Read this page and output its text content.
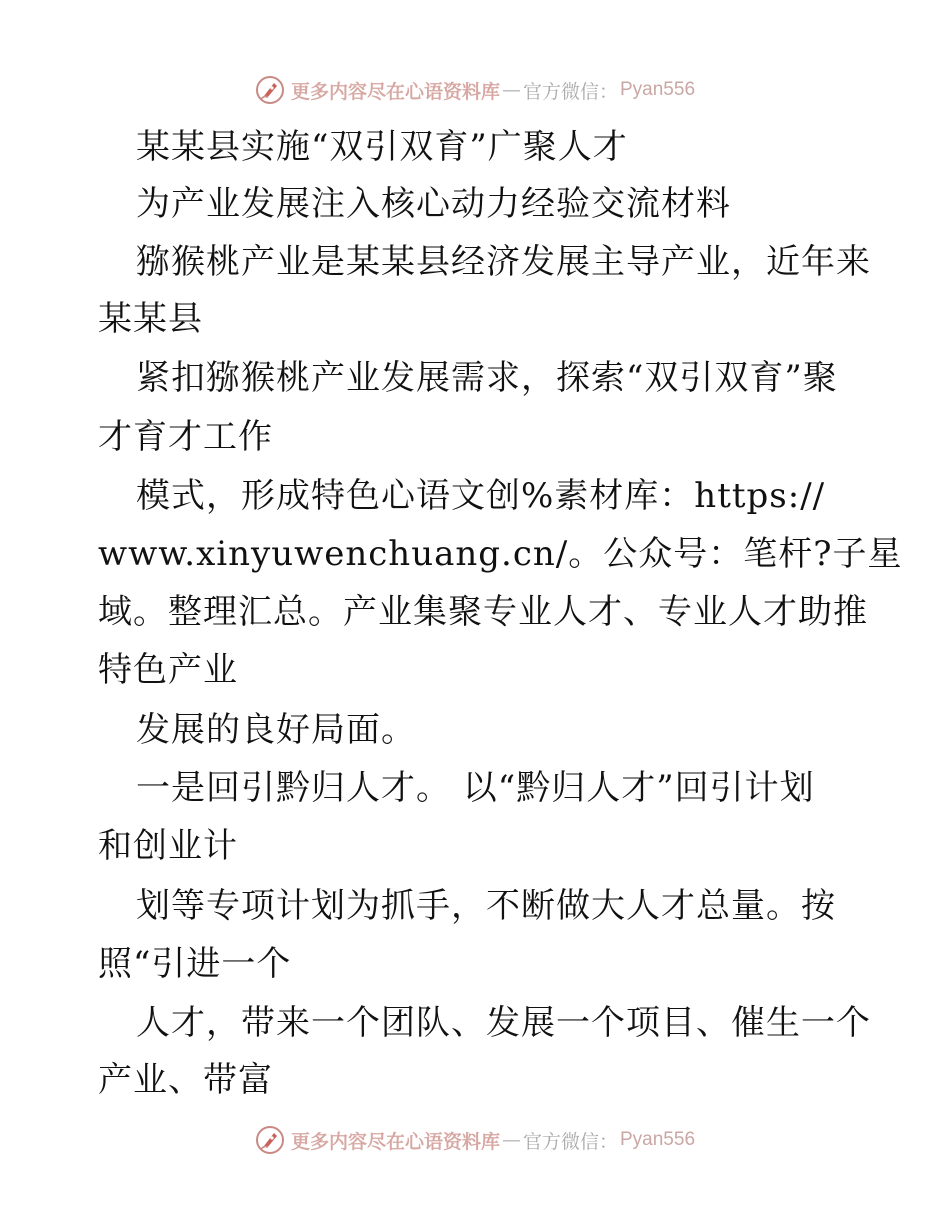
更多内容尽在心语资料库 — 官方微信： Pyan556
某某县实施“双引双育”广聚人才
为产业发展注入核心动力经验交流材料
猕猴桃产业是某某县经济发展主导产业，近年来
某某县
紧扣猕猴桃产业发展需求，探索“双引双育”聚
才育才工作
模式，形成特色心语文创%素材库：https://
www.xinyuwenchuang.cn/。公众号：笔杆?子星
域。整理汇总。产业集聚专业人才、专业人才助推
特色产业
发展的良好局面。
一是回引黔归人才。 以“黔归人才”回引计划
和创业计
划等专项计划为抓手，不断做大人才总量。按
照“引进一个
人才，带来一个团队、发展一个项目、催生一个
产业、带富
更多内容尽在心语资料库 — 官方微信： Pyan556
